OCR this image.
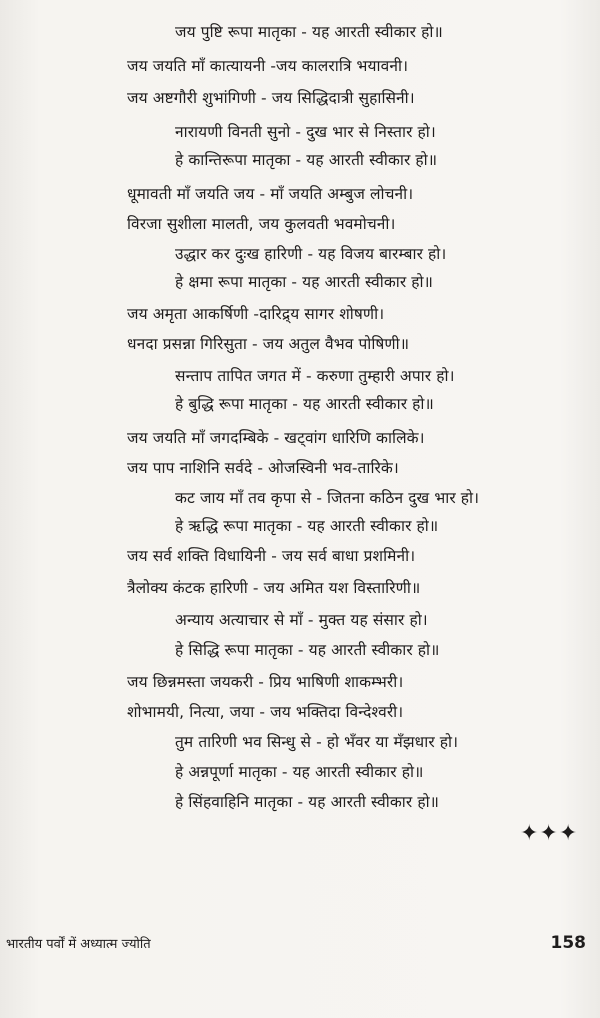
जय पुष्टि रूपा मातृका - यह आरती स्वीकार हो॥
जय जयति माँ कात्यायनी -जय कालरात्रि भयावनी।
जय अष्टगौरी शुभांगिणी - जय सिद्धिदात्री सुहासिनी।
नारायणी विनती सुनो - दुख भार से निस्तार हो।
हे कान्तिरूपा मातृका - यह आरती स्वीकार हो॥
धूमावती माँ जयति जय - माँ जयति अम्बुज लोचनी।
विरजा सुशीला मालती, जय कुलवती भवमोचनी।
उद्धार कर दुःख हारिणी - यह विजय बारम्बार हो।
हे क्षमा रूपा मातृका - यह आरती स्वीकार हो॥
जय अमृता आकर्षिणी -दारिद्र्य सागर शोषणी।
धनदा प्रसन्ना गिरिसुता - जय अतुल वैभव पोषिणी॥
सन्ताप तापित जगत में - करुणा तुम्हारी अपार हो।
हे बुद्धि रूपा मातृका - यह आरती स्वीकार हो॥
जय जयति माँ जगदम्बिके - खट्वांग धारिणि कालिके।
जय पाप नाशिनि सर्वदे - ओजस्विनी भव-तारिके।
कट जाय माँ तव कृपा से - जितना कठिन दुख भार हो।
हे ऋद्धि रूपा मातृका - यह आरती स्वीकार हो॥
जय सर्व शक्ति विधायिनी - जय सर्व बाधा प्रशमिनी।
त्रैलोक्य कंटक हारिणी - जय अमित यश विस्तारिणी॥
अन्याय अत्याचार से माँ - मुक्त यह संसार हो।
हे सिद्धि रूपा मातृका - यह आरती स्वीकार हो॥
जय छिन्नमस्ता जयकरी - प्रिय भाषिणी शाकम्भरी।
शोभामयी, नित्या, जया - जय भक्तिदा विन्देश्वरी।
तुम तारिणी भव सिन्धु से - हो भँवर या मँझधार हो।
हे अन्नपूर्णा मातृका - यह आरती स्वीकार हो॥
हे सिंहवाहिनि मातृका - यह आरती स्वीकार हो॥
✦✦✦
भारतीय पर्वों में अध्यात्म ज्योति	158
